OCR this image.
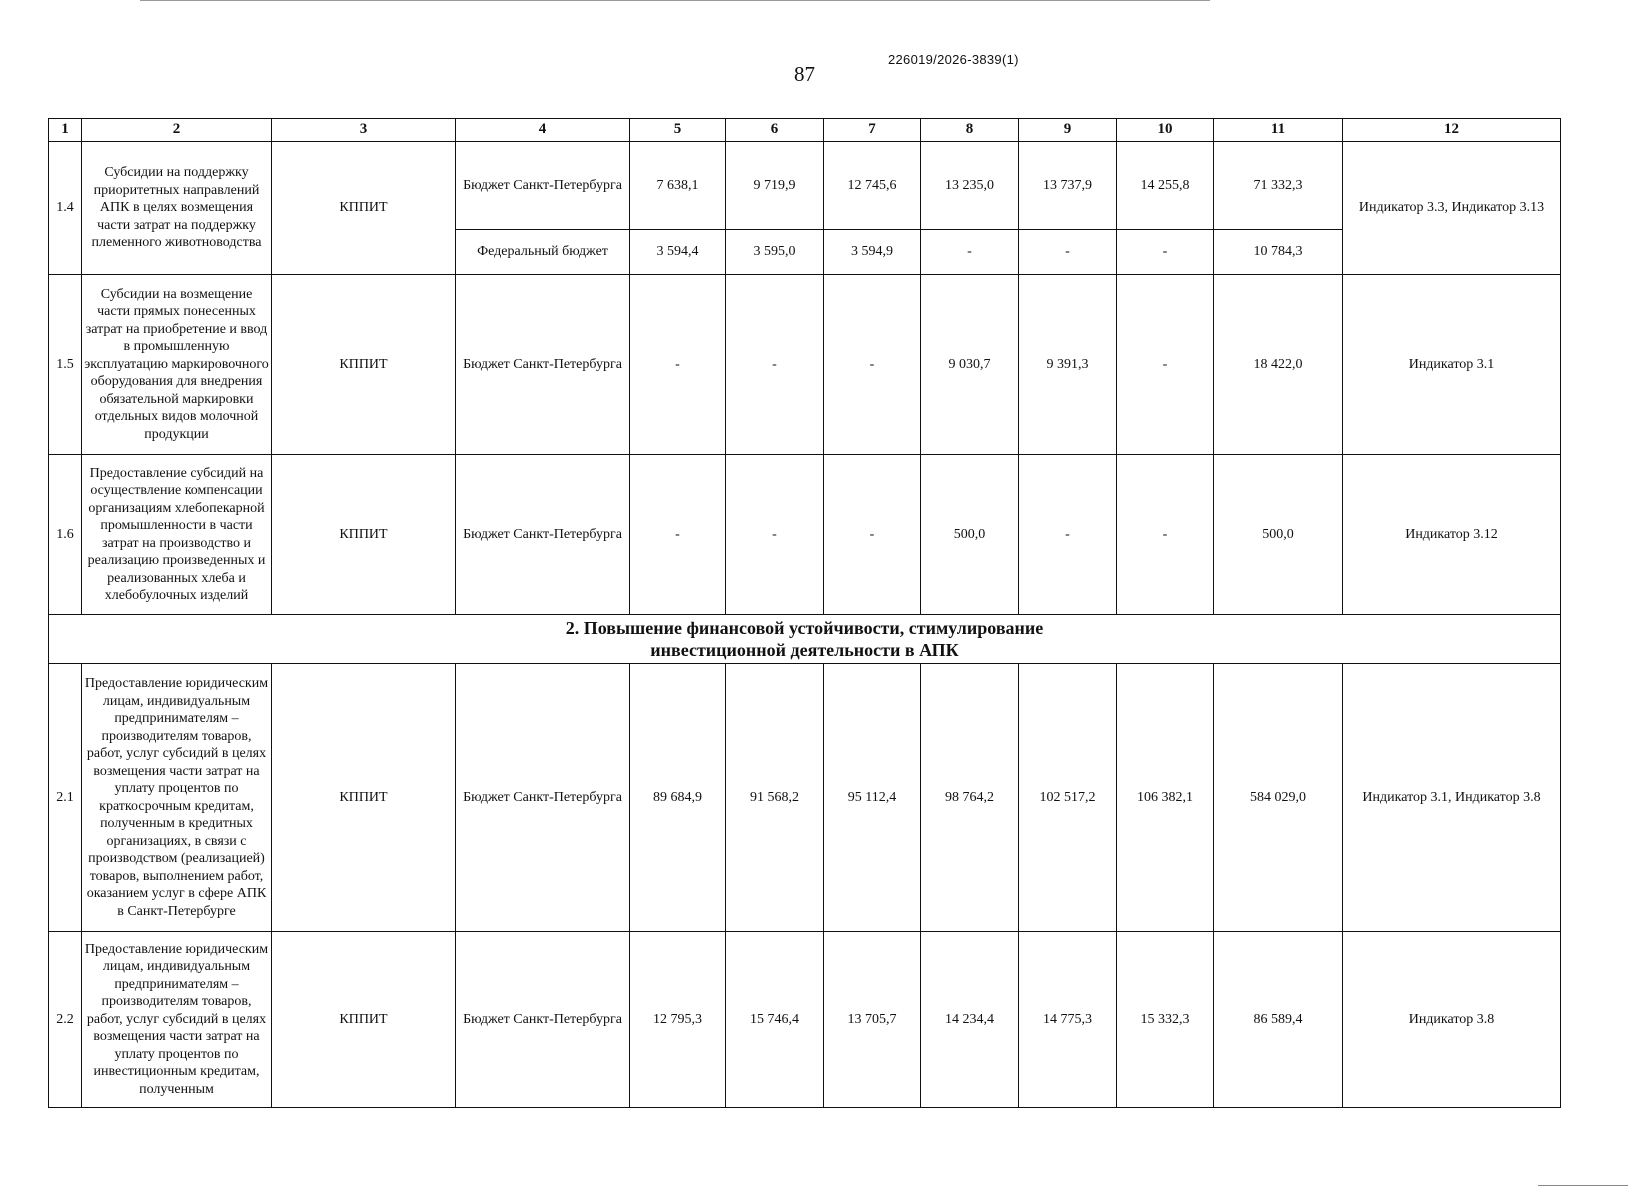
226019/2026-3839(1)
87
1	2	3	4	5	6	7	8	9	10	11	12
1.4	Субсидии на поддержку приоритетных направлений АПК в целях возмещения части затрат на поддержку племенного животноводства	КППИТ	Бюджет Санкт-Петербурга	7 638,1	9 719,9	12 745,6	13 235,0	13 737,9	14 255,8	71 332,3	Индикатор 3.3, Индикатор 3.13
			Федеральный бюджет	3 594,4	3 595,0	3 594,9	-	-	-	10 784,3	
1.5	Субсидии на возмещение части прямых понесенных затрат на приобретение и ввод в промышленную эксплуатацию маркировочного оборудования для внедрения обязательной маркировки отдельных видов молочной продукции	КППИТ	Бюджет Санкт-Петербурга	-	-	-	9 030,7	9 391,3	-	18 422,0	Индикатор 3.1
1.6	Предоставление субсидий на осуществление компенсации организациям хлебопекарной промышленности в части затрат на производство и реализацию произведенных и реализованных хлеба и хлебобулочных изделий	КППИТ	Бюджет Санкт-Петербурга	-	-	-	500,0	-	-	500,0	Индикатор 3.12
2. Повышение финансовой устойчивости, стимулирование
инвестиционной деятельности в АПК											
2.1	Предоставление юридическим лицам, индивидуальным предпринимателям – производителям товаров, работ, услуг субсидий в целях возмещения части затрат на уплату процентов по краткосрочным кредитам, полученным в кредитных организациях, в связи с производством (реализацией) товаров, выполнением работ, оказанием услуг в сфере АПК в Санкт-Петербурге	КППИТ	Бюджет Санкт-Петербурга	89 684,9	91 568,2	95 112,4	98 764,2	102 517,2	106 382,1	584 029,0	Индикатор 3.1, Индикатор 3.8
2.2	Предоставление юридическим лицам, индивидуальным предпринимателям – производителям товаров, работ, услуг субсидий в целях возмещения части затрат на уплату процентов по инвестиционным кредитам, полученным	КППИТ	Бюджет Санкт-Петербурга	12 795,3	15 746,4	13 705,7	14 234,4	14 775,3	15 332,3	86 589,4	Индикатор 3.8
